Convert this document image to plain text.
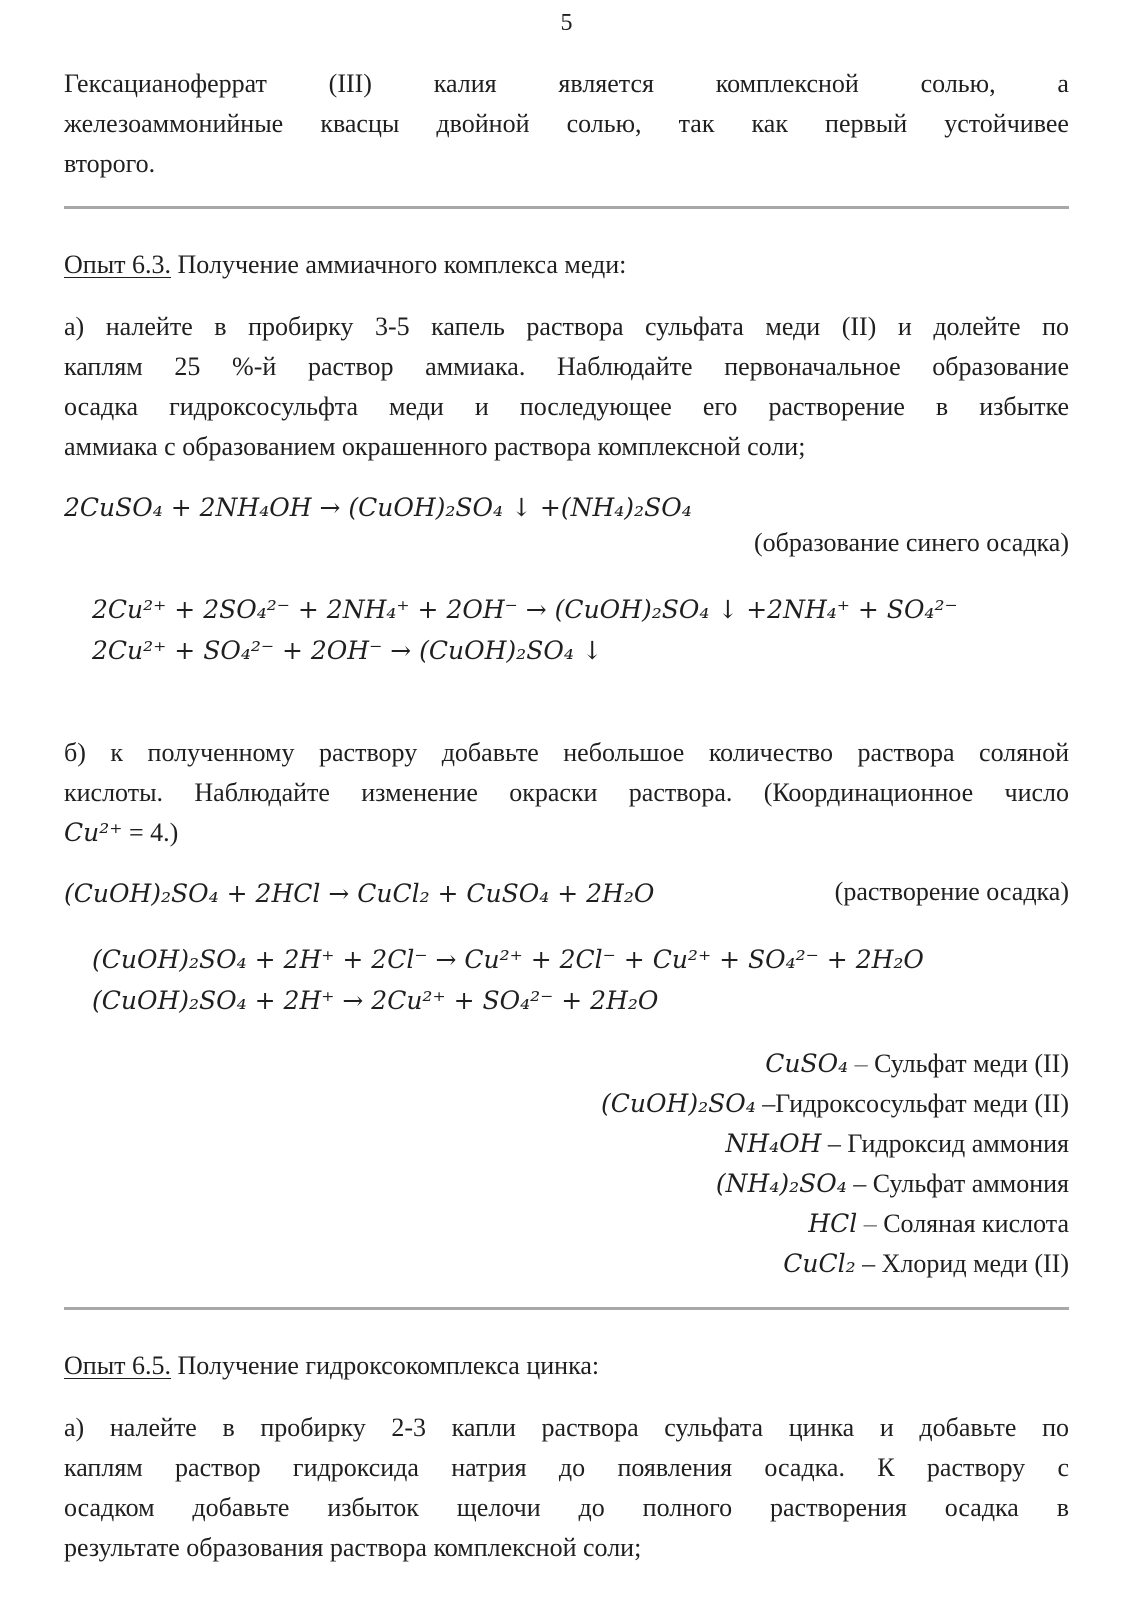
5
Гексацианоферрат (III) калия является комплексной солью, а
железоаммонийные квасцы двойной солью, так как первый устойчивее
второго.
Опыт 6.3. Получение аммиачного комплекса меди:
а) налейте в пробирку 3-5 капель раствора сульфата меди (II) и долейте по
каплям 25 %-й раствор аммиака. Наблюдайте первоначальное образование
осадка гидроксосульфта меди и последующее его растворение в избытке
аммиака с образованием окрашенного раствора комплексной соли;
2CuSO₄ + 2NH₄OH → (CuOH)₂SO₄ ↓ +(NH₄)₂SO₄
(образование синего осадка)
2Cu²⁺ + 2SO₄²⁻ + 2NH₄⁺ + 2OH⁻ → (CuOH)₂SO₄ ↓ +2NH₄⁺ + SO₄²⁻
2Cu²⁺ + SO₄²⁻ + 2OH⁻ → (CuOH)₂SO₄ ↓
б) к полученному раствору добавьте небольшое количество раствора соляной
кислоты. Наблюдайте изменение окраски раствора. (Координационное число
Cu²⁺ = 4.)
(CuOH)₂SO₄ + 2HCl → CuCl₂ + CuSO₄ + 2H₂O	(растворение осадка)
(CuOH)₂SO₄ + 2H⁺ + 2Cl⁻ → Cu²⁺ + 2Cl⁻ + Cu²⁺ + SO₄²⁻ + 2H₂O
(CuOH)₂SO₄ + 2H⁺ → 2Cu²⁺ + SO₄²⁻ + 2H₂O
CuSO₄ – Сульфат меди (II)
(CuOH)₂SO₄ –Гидроксосульфат меди (II)
NH₄OH – Гидроксид аммония
(NH₄)₂SO₄ – Сульфат аммония
HCl – Соляная кислота
CuCl₂ – Хлорид меди (II)
Опыт 6.5. Получение гидроксокомплекса цинка:
а) налейте в пробирку 2-3 капли раствора сульфата цинка и добавьте по
каплям раствор гидроксида натрия до появления осадка. К раствору с
осадком добавьте избыток щелочи до полного растворения осадка в
результате образования раствора комплексной соли;
